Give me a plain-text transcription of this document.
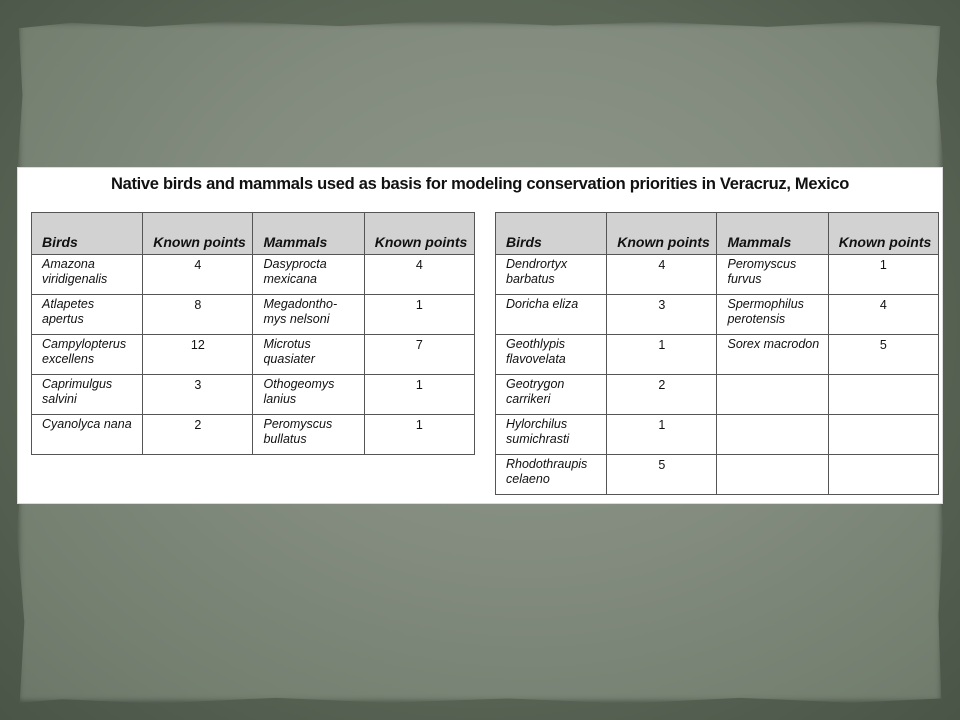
Native birds and mammals used as basis for modeling conservation priorities in Veracruz, Mexico
Birds	Known points	Mammals	Known points
Amazona viridigenalis	4	Dasyprocta mexicana	4
Atlapetes apertus	8	Megadontho- mys nelsoni	1
Campylopterus excellens	12	Microtus quasiater	7
Caprimulgus salvini	3	Othogeomys lanius	1
Cyanolyca nana	2	Peromyscus bullatus	1
Birds	Known points	Mammals	Known points
Dendrortyx barbatus	4	Peromyscus furvus	1
Doricha eliza	3	Spermophilus perotensis	4
Geothlypis flavovelata	1	Sorex macrodon	5
Geotrygon carrikeri	2		
Hylorchilus sumichrasti	1		
Rhodothraupis celaeno	5		
